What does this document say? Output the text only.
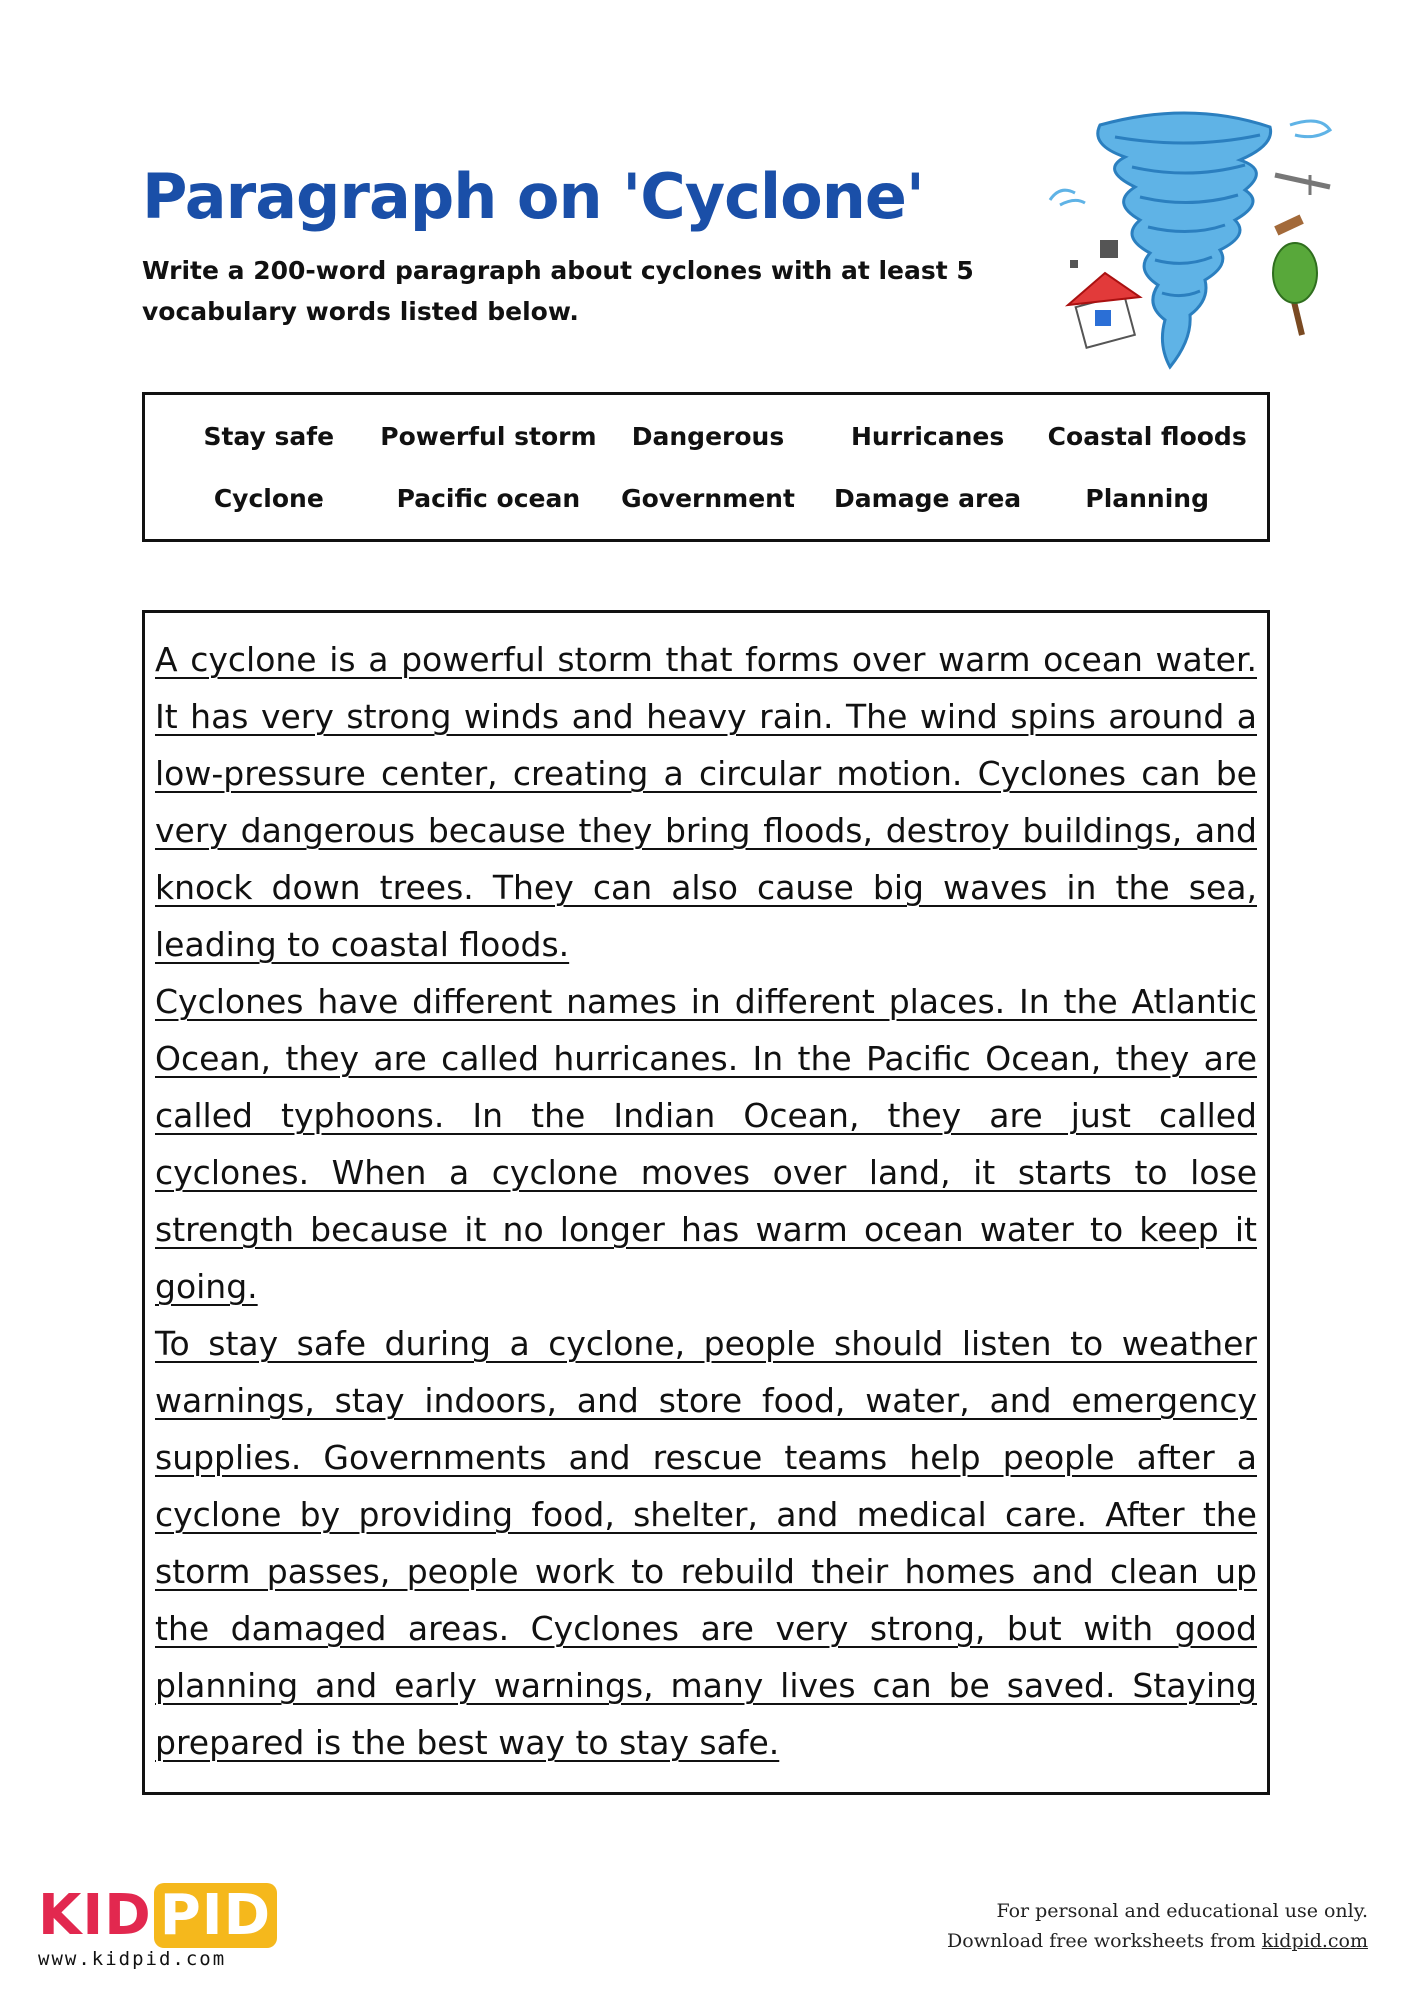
Paragraph on 'Cyclone'

Write a 200-word paragraph about cyclones with at least 5 vocabulary words listed below.

Stay safe	Powerful storm	Dangerous	Hurricanes	Coastal floods
Cyclone	Pacific ocean	Government	Damage area	Planning

A cyclone is a powerful storm that forms over warm ocean water. It has very strong winds and heavy rain. The wind spins around a low-pressure center, creating a circular motion. Cyclones can be very dangerous because they bring floods, destroy buildings, and knock down trees. They can also cause big waves in the sea, leading to coastal floods.

Cyclones have different names in different places. In the Atlantic Ocean, they are called hurricanes. In the Pacific Ocean, they are called typhoons. In the Indian Ocean, they are just called cyclones. When a cyclone moves over land, it starts to lose strength because it no longer has warm ocean water to keep it going.

To stay safe during a cyclone, people should listen to weather warnings, stay indoors, and store food, water, and emergency supplies. Governments and rescue teams help people after a cyclone by providing food, shelter, and medical care. After the storm passes, people work to rebuild their homes and clean up the damaged areas. Cyclones are very strong, but with good planning and early warnings, many lives can be saved. Staying prepared is the best way to stay safe.

KID PID
www.kidpid.com
For personal and educational use only.
Download free worksheets from kidpid.com
